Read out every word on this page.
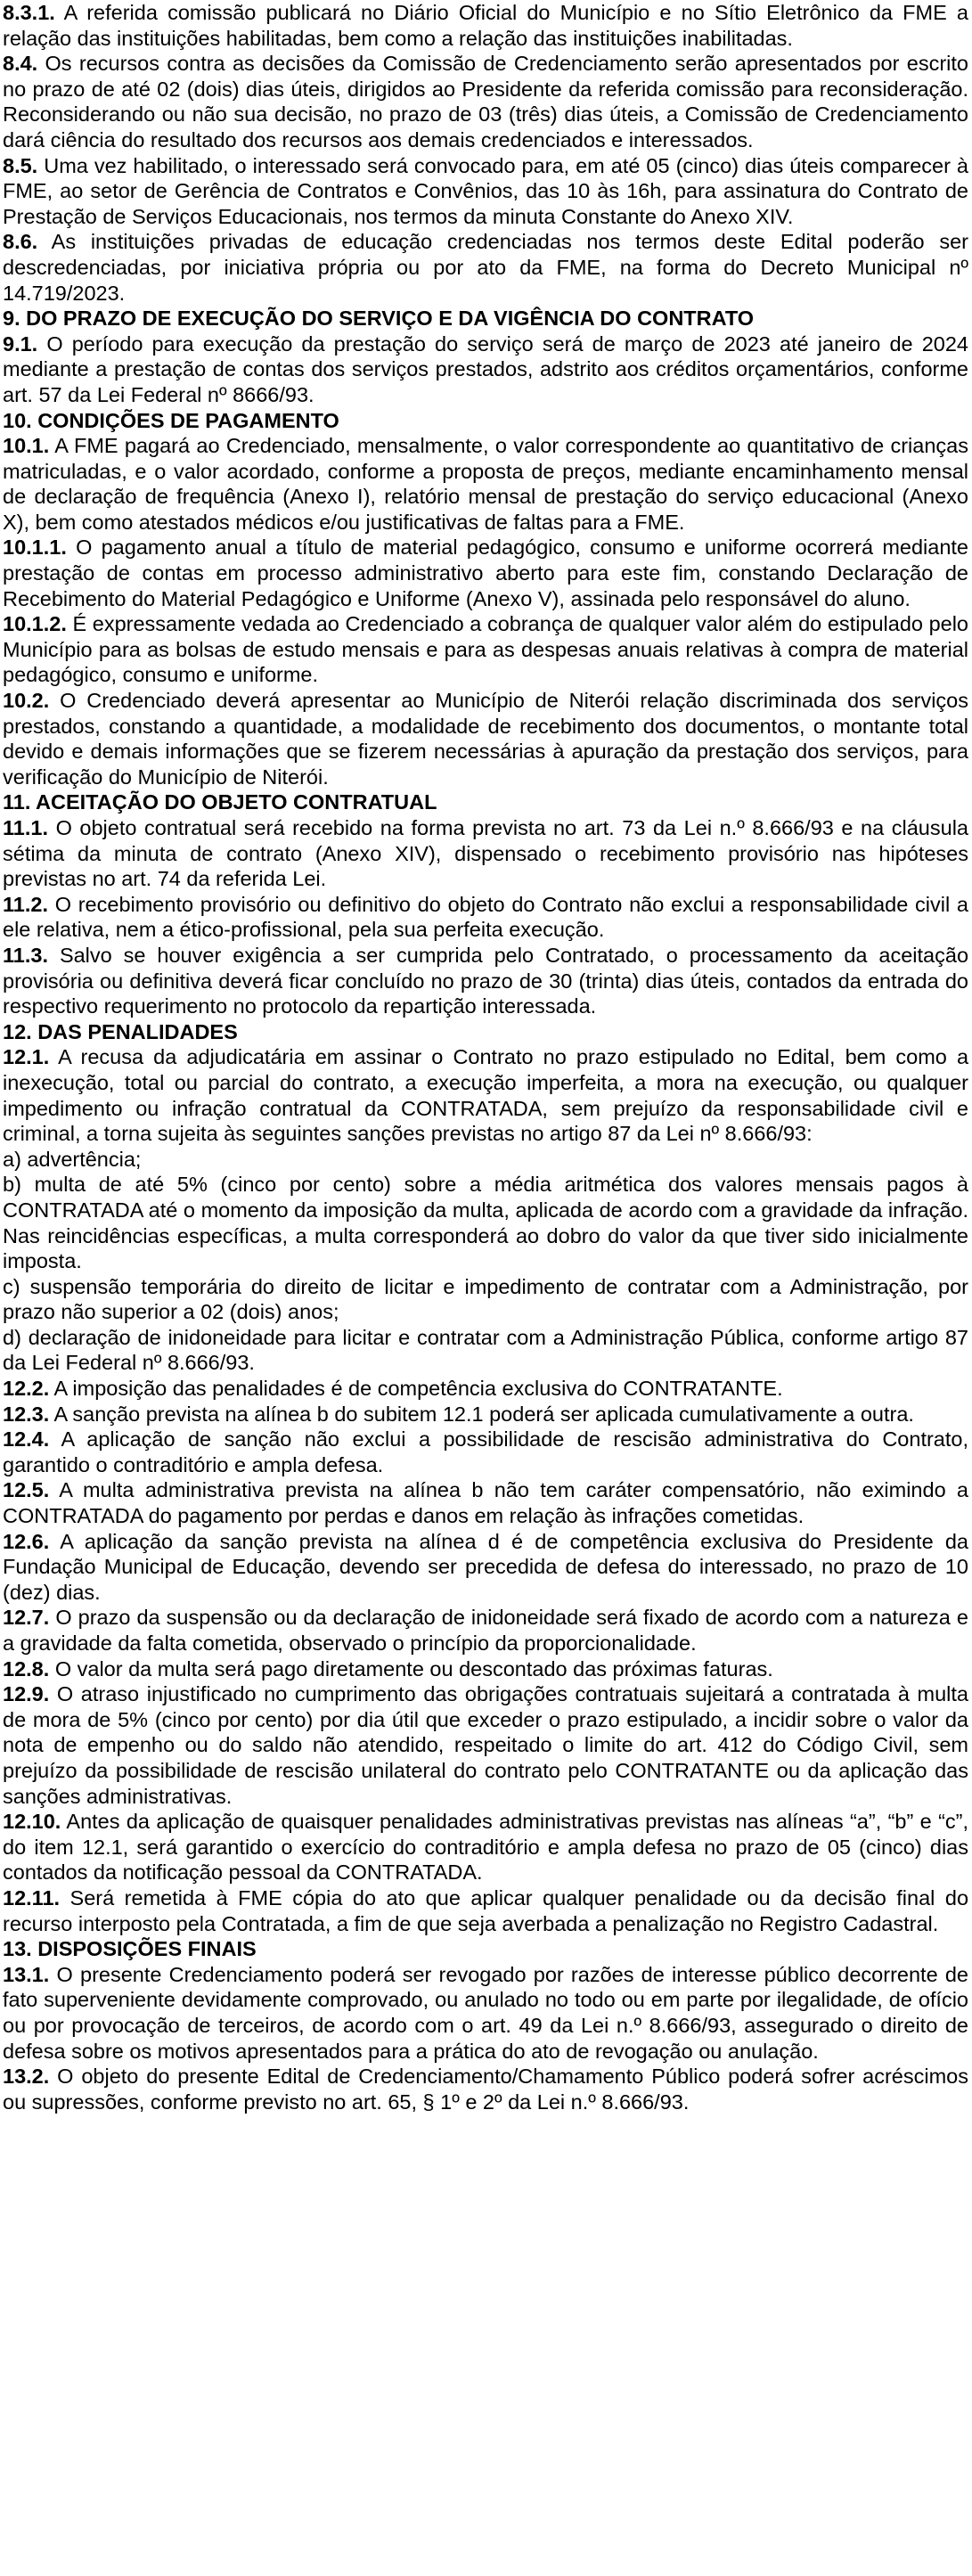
8.3.1. A referida comissão publicará no Diário Oficial do Município e no Sítio Eletrônico da FME a relação das instituições habilitadas, bem como a relação das instituições inabilitadas.

8.4. Os recursos contra as decisões da Comissão de Credenciamento serão apresentados por escrito no prazo de até 02 (dois) dias úteis, dirigidos ao Presidente da referida comissão para reconsideração. Reconsiderando ou não sua decisão, no prazo de 03 (três) dias úteis, a Comissão de Credenciamento dará ciência do resultado dos recursos aos demais credenciados e interessados.

8.5. Uma vez habilitado, o interessado será convocado para, em até 05 (cinco) dias úteis comparecer à FME, ao setor de Gerência de Contratos e Convênios, das 10 às 16h, para assinatura do Contrato de Prestação de Serviços Educacionais, nos termos da minuta Constante do Anexo XIV.

8.6. As instituições privadas de educação credenciadas nos termos deste Edital poderão ser descredenciadas, por iniciativa própria ou por ato da FME, na forma do Decreto Municipal nº 14.719/2023.

9. DO PRAZO DE EXECUÇÃO DO SERVIÇO E DA VIGÊNCIA DO CONTRATO

9.1. O período para execução da prestação do serviço será de março de 2023 até janeiro de 2024 mediante a prestação de contas dos serviços prestados, adstrito aos créditos orçamentários, conforme art. 57 da Lei Federal nº 8666/93.

10. CONDIÇÕES DE PAGAMENTO

10.1. A FME pagará ao Credenciado, mensalmente, o valor correspondente ao quantitativo de crianças matriculadas, e o valor acordado, conforme a proposta de preços, mediante encaminhamento mensal de declaração de frequência (Anexo I), relatório mensal de prestação do serviço educacional (Anexo X), bem como atestados médicos e/ou justificativas de faltas para a FME.

10.1.1. O pagamento anual a título de material pedagógico, consumo e uniforme ocorrerá mediante prestação de contas em processo administrativo aberto para este fim, constando Declaração de Recebimento do Material Pedagógico e Uniforme (Anexo V), assinada pelo responsável do aluno.

10.1.2. É expressamente vedada ao Credenciado a cobrança de qualquer valor além do estipulado pelo Município para as bolsas de estudo mensais e para as despesas anuais relativas à compra de material pedagógico, consumo e uniforme.

10.2. O Credenciado deverá apresentar ao Município de Niterói relação discriminada dos serviços prestados, constando a quantidade, a modalidade de recebimento dos documentos, o montante total devido e demais informações que se fizerem necessárias à apuração da prestação dos serviços, para verificação do Município de Niterói.

11. ACEITAÇÃO DO OBJETO CONTRATUAL

11.1. O objeto contratual será recebido na forma prevista no art. 73 da Lei n.º 8.666/93 e na cláusula sétima da minuta de contrato (Anexo XIV), dispensado o recebimento provisório nas hipóteses previstas no art. 74 da referida Lei.

11.2. O recebimento provisório ou definitivo do objeto do Contrato não exclui a responsabilidade civil a ele relativa, nem a ético-profissional, pela sua perfeita execução.

11.3. Salvo se houver exigência a ser cumprida pelo Contratado, o processamento da aceitação provisória ou definitiva deverá ficar concluído no prazo de 30 (trinta) dias úteis, contados da entrada do respectivo requerimento no protocolo da repartição interessada.

12. DAS PENALIDADES

12.1. A recusa da adjudicatária em assinar o Contrato no prazo estipulado no Edital, bem como a inexecução, total ou parcial do contrato, a execução imperfeita, a mora na execução, ou qualquer impedimento ou infração contratual da CONTRATADA, sem prejuízo da responsabilidade civil e criminal, a torna sujeita às seguintes sanções previstas no artigo 87 da Lei nº 8.666/93:

a) advertência;

b) multa de até 5% (cinco por cento) sobre a média aritmética dos valores mensais pagos à CONTRATADA até o momento da imposição da multa, aplicada de acordo com a gravidade da infração. Nas reincidências específicas, a multa corresponderá ao dobro do valor da que tiver sido inicialmente imposta.

c) suspensão temporária do direito de licitar e impedimento de contratar com a Administração, por prazo não superior a 02 (dois) anos;

d) declaração de inidoneidade para licitar e contratar com a Administração Pública, conforme artigo 87 da Lei Federal nº 8.666/93.

12.2. A imposição das penalidades é de competência exclusiva do CONTRATANTE.

12.3. A sanção prevista na alínea b do subitem 12.1 poderá ser aplicada cumulativamente a outra.

12.4. A aplicação de sanção não exclui a possibilidade de rescisão administrativa do Contrato, garantido o contraditório e ampla defesa.

12.5. A multa administrativa prevista na alínea b não tem caráter compensatório, não eximindo a CONTRATADA do pagamento por perdas e danos em relação às infrações cometidas.

12.6. A aplicação da sanção prevista na alínea d é de competência exclusiva do Presidente da Fundação Municipal de Educação, devendo ser precedida de defesa do interessado, no prazo de 10 (dez) dias.

12.7. O prazo da suspensão ou da declaração de inidoneidade será fixado de acordo com a natureza e a gravidade da falta cometida, observado o princípio da proporcionalidade.

12.8. O valor da multa será pago diretamente ou descontado das próximas faturas.

12.9. O atraso injustificado no cumprimento das obrigações contratuais sujeitará a contratada à multa de mora de 5% (cinco por cento) por dia útil que exceder o prazo estipulado, a incidir sobre o valor da nota de empenho ou do saldo não atendido, respeitado o limite do art. 412 do Código Civil, sem prejuízo da possibilidade de rescisão unilateral do contrato pelo CONTRATANTE ou da aplicação das sanções administrativas.

12.10. Antes da aplicação de quaisquer penalidades administrativas previstas nas alíneas “a”, “b” e “c”, do item 12.1, será garantido o exercício do contraditório e ampla defesa no prazo de 05 (cinco) dias contados da notificação pessoal da CONTRATADA.

12.11. Será remetida à FME cópia do ato que aplicar qualquer penalidade ou da decisão final do recurso interposto pela Contratada, a fim de que seja averbada a penalização no Registro Cadastral.

13. DISPOSIÇÕES FINAIS

13.1. O presente Credenciamento poderá ser revogado por razões de interesse público decorrente de fato superveniente devidamente comprovado, ou anulado no todo ou em parte por ilegalidade, de ofício ou por provocação de terceiros, de acordo com o art. 49 da Lei n.º 8.666/93, assegurado o direito de defesa sobre os motivos apresentados para a prática do ato de revogação ou anulação.

13.2. O objeto do presente Edital de Credenciamento/Chamamento Público poderá sofrer acréscimos ou supressões, conforme previsto no art. 65, § 1º e 2º da Lei n.º 8.666/93.
